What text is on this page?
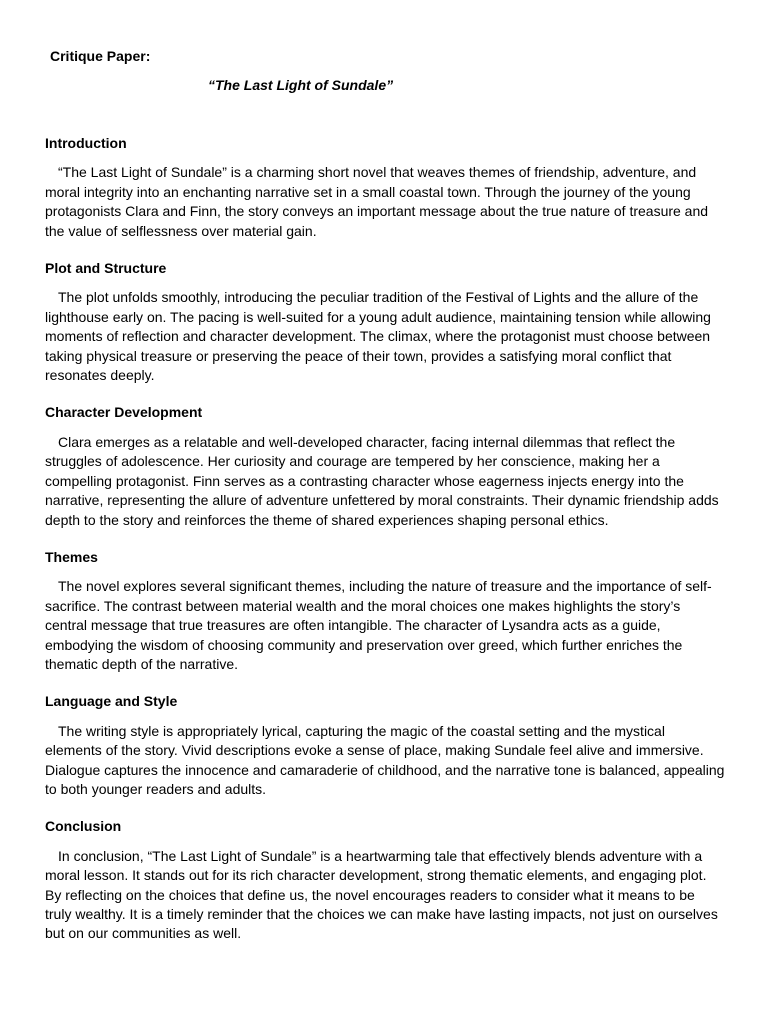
Critique Paper:
“The Last Light of Sundale”
Introduction

“The Last Light of Sundale” is a charming short novel that weaves themes of friendship, adventure, and moral integrity into an enchanting narrative set in a small coastal town. Through the journey of the young protagonists Clara and Finn, the story conveys an important message about the true nature of treasure and the value of selflessness over material gain.

Plot and Structure

The plot unfolds smoothly, introducing the peculiar tradition of the Festival of Lights and the allure of the lighthouse early on. The pacing is well-suited for a young adult audience, maintaining tension while allowing moments of reflection and character development. The climax, where the protagonist must choose between taking physical treasure or preserving the peace of their town, provides a satisfying moral conflict that resonates deeply.

Character Development

Clara emerges as a relatable and well-developed character, facing internal dilemmas that reflect the struggles of adolescence. Her curiosity and courage are tempered by her conscience, making her a compelling protagonist. Finn serves as a contrasting character whose eagerness injects energy into the narrative, representing the allure of adventure unfettered by moral constraints. Their dynamic friendship adds depth to the story and reinforces the theme of shared experiences shaping personal ethics.

Themes

The novel explores several significant themes, including the nature of treasure and the importance of self-sacrifice. The contrast between material wealth and the moral choices one makes highlights the story’s central message that true treasures are often intangible. The character of Lysandra acts as a guide, embodying the wisdom of choosing community and preservation over greed, which further enriches the thematic depth of the narrative.

Language and Style

The writing style is appropriately lyrical, capturing the magic of the coastal setting and the mystical elements of the story. Vivid descriptions evoke a sense of place, making Sundale feel alive and immersive. Dialogue captures the innocence and camaraderie of childhood, and the narrative tone is balanced, appealing to both younger readers and adults.

Conclusion

In conclusion, “The Last Light of Sundale” is a heartwarming tale that effectively blends adventure with a moral lesson. It stands out for its rich character development, strong thematic elements, and engaging plot. By reflecting on the choices that define us, the novel encourages readers to consider what it means to be truly wealthy. It is a timely reminder that the choices we can make have lasting impacts, not just on ourselves but on our communities as well.
